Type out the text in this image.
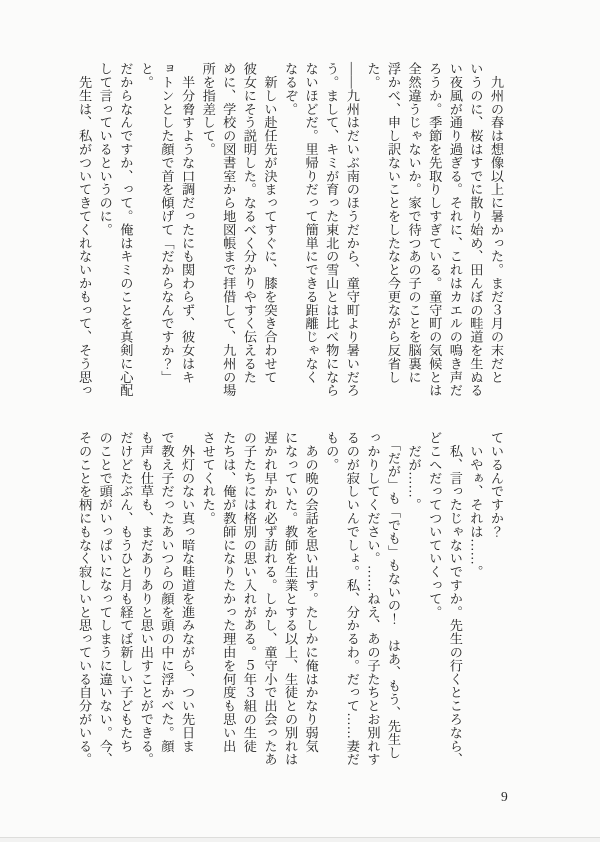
　九州の春は想像以上に暑かった。まだ３月の末だと

いうのに、桜はすでに散り始め、田んぼの畦道を生ぬる

い夜風が通り過ぎる。それに、これはカエルの鳴き声だ

ろうか。季節を先取りしすぎている。童守町の気候とは

全然違うじゃないか。家で待つあの子のことを脳裏に

浮かべ、申し訳ないことをしたなと今更ながら反省し

た。

――九州はだいぶ南のほうだから、童守町より暑いだろ

う。まして、キミが育った東北の雪山とは比べ物になら

ないほどだ。里帰りだって簡単にできる距離じゃなく

なるぞ。

　新しい赴任先が決まってすぐに、膝を突き合わせて

彼女にそう説明した。なるべく分かりやすく伝えるた

めに、学校の図書室から地図帳まで拝借して、九州の場

所を指差して。

　半分脅すような口調だったにも関わらず、彼女はキ

ョトンとした顔で首を傾げて「だからなんですか？」と。

だからなんですか、って。俺はキミのことを真剣に心配

して言っているというのに。

　先生は、私がついてきてくれないかもって、そう思っ

ているんですか？

　いやぁ、それは……。

　私、言ったじゃないですか。先生の行くところなら、

どこへだってついていくって。

　だが……。

　「だが」も「でも」もないの！　はあ、もう、先生し

っかりしてください。……ねえ、あの子たちとお別れす

るのが寂しいんでしょ。私、分かるわ。だって……妻だ

もの。

　あの晩の会話を思い出す。たしかに俺はかなり弱気

になっていた。教師を生業とする以上、生徒との別れは

遅かれ早かれ必ず訪れる。しかし、童守小で出会ったあ

の子たちには格別の思い入れがある。５年３組の生徒

たちは、俺が教師になりたかった理由を何度も思い出

させてくれた。

　外灯のない真っ暗な畦道を進みながら、つい先日ま

で教え子だったあいつらの顔を頭の中に浮かべた。顔

も声も仕草も、まだありありと思い出すことができる。

だけどたぶん、もうひと月も経てば新しい子どもたち

のことで頭がいっぱいになってしまうに違いない。今、

そのことを柄にもなく寂しいと思っている自分がいる。

9
